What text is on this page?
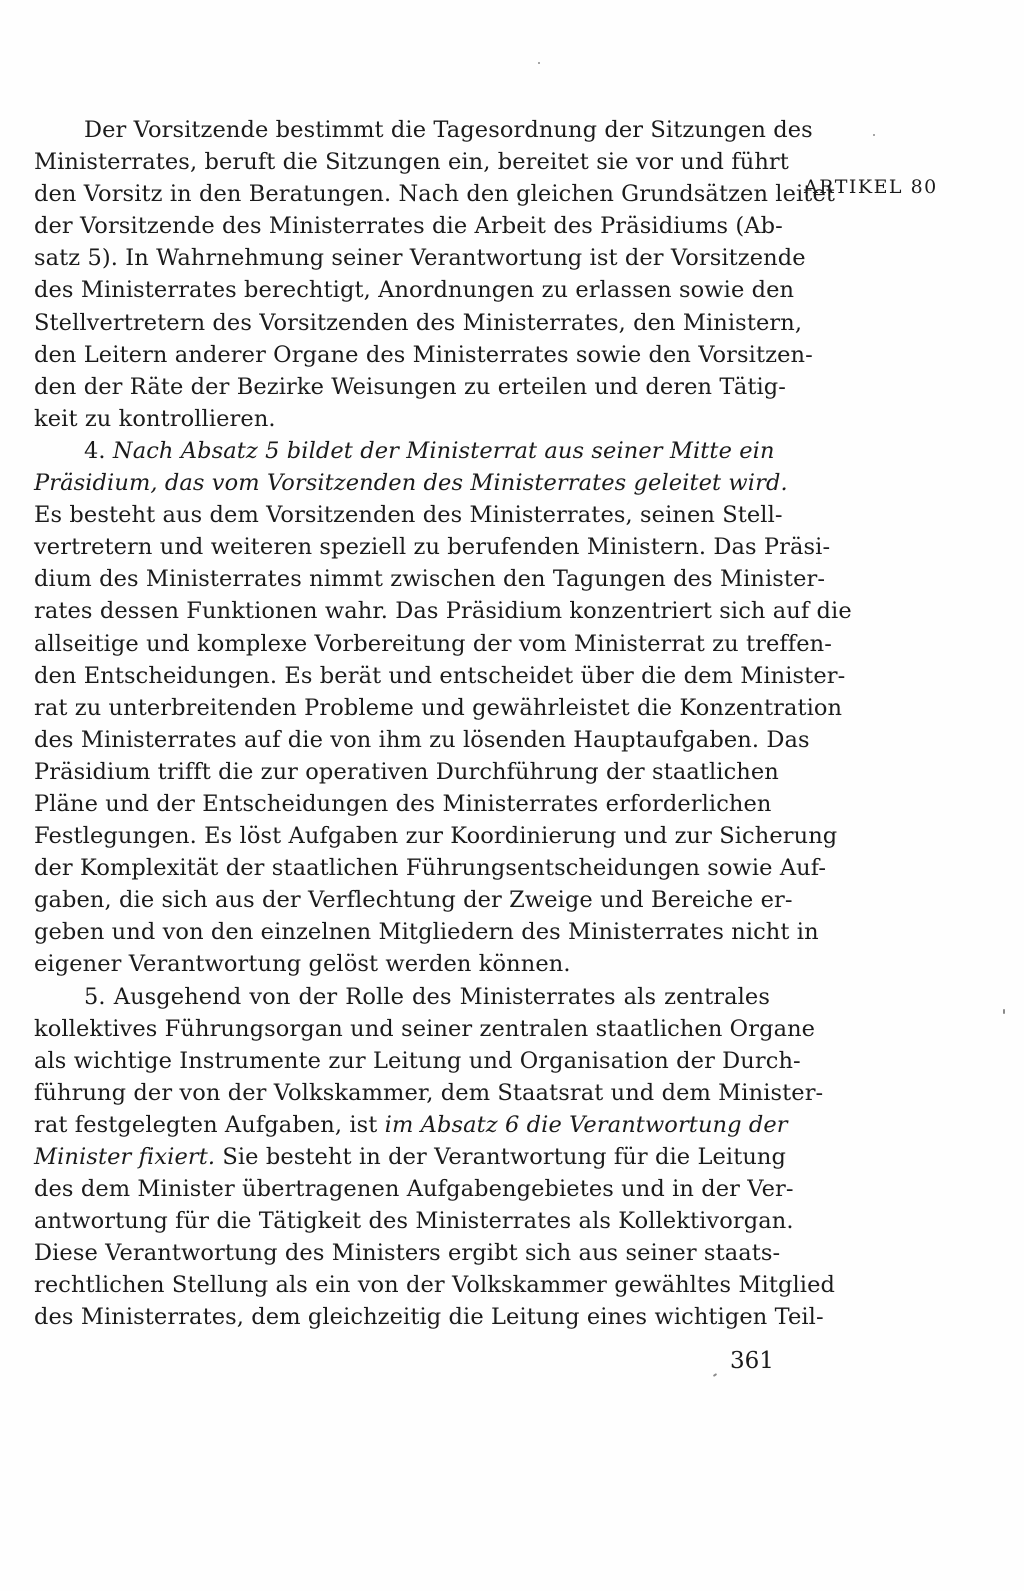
Der Vorsitzende bestimmt die Tagesordnung der Sitzungen des
Ministerrates, beruft die Sitzungen ein, bereitet sie vor und führt
den Vorsitz in den Beratungen. Nach den gleichen Grundsätzen leitet
der Vorsitzende des Ministerrates die Arbeit des Präsidiums (Ab-
satz 5). In Wahrnehmung seiner Verantwortung ist der Vorsitzende
des Ministerrates berechtigt, Anordnungen zu erlassen sowie den
Stellvertretern des Vorsitzenden des Ministerrates, den Ministern,
den Leitern anderer Organe des Ministerrates sowie den Vorsitzen-
den der Räte der Bezirke Weisungen zu erteilen und deren Tätig-
keit zu kontrollieren.
4. Nach Absatz 5 bildet der Ministerrat aus seiner Mitte ein
Präsidium, das vom Vorsitzenden des Ministerrates geleitet wird.
Es besteht aus dem Vorsitzenden des Ministerrates, seinen Stell-
vertretern und weiteren speziell zu berufenden Ministern. Das Präsi-
dium des Ministerrates nimmt zwischen den Tagungen des Minister-
rates dessen Funktionen wahr. Das Präsidium konzentriert sich auf die
allseitige und komplexe Vorbereitung der vom Ministerrat zu treffen-
den Entscheidungen. Es berät und entscheidet über die dem Minister-
rat zu unterbreitenden Probleme und gewährleistet die Konzentration
des Ministerrates auf die von ihm zu lösenden Hauptaufgaben. Das
Präsidium trifft die zur operativen Durchführung der staatlichen
Pläne und der Entscheidungen des Ministerrates erforderlichen
Festlegungen. Es löst Aufgaben zur Koordinierung und zur Sicherung
der Komplexität der staatlichen Führungsentscheidungen sowie Auf-
gaben, die sich aus der Verflechtung der Zweige und Bereiche er-
geben und von den einzelnen Mitgliedern des Ministerrates nicht in
eigener Verantwortung gelöst werden können.
5. Ausgehend von der Rolle des Ministerrates als zentrales
kollektives Führungsorgan und seiner zentralen staatlichen Organe
als wichtige Instrumente zur Leitung und Organisation der Durch-
führung der von der Volkskammer, dem Staatsrat und dem Minister-
rat festgelegten Aufgaben, ist im Absatz 6 die Verantwortung der
Minister fixiert. Sie besteht in der Verantwortung für die Leitung
des dem Minister übertragenen Aufgabengebietes und in der Ver-
antwortung für die Tätigkeit des Ministerrates als Kollektivorgan.
Diese Verantwortung des Ministers ergibt sich aus seiner staats-
rechtlichen Stellung als ein von der Volkskammer gewähltes Mitglied
des Ministerrates, dem gleichzeitig die Leitung eines wichtigen Teil-
ARTIKEL 80
361
